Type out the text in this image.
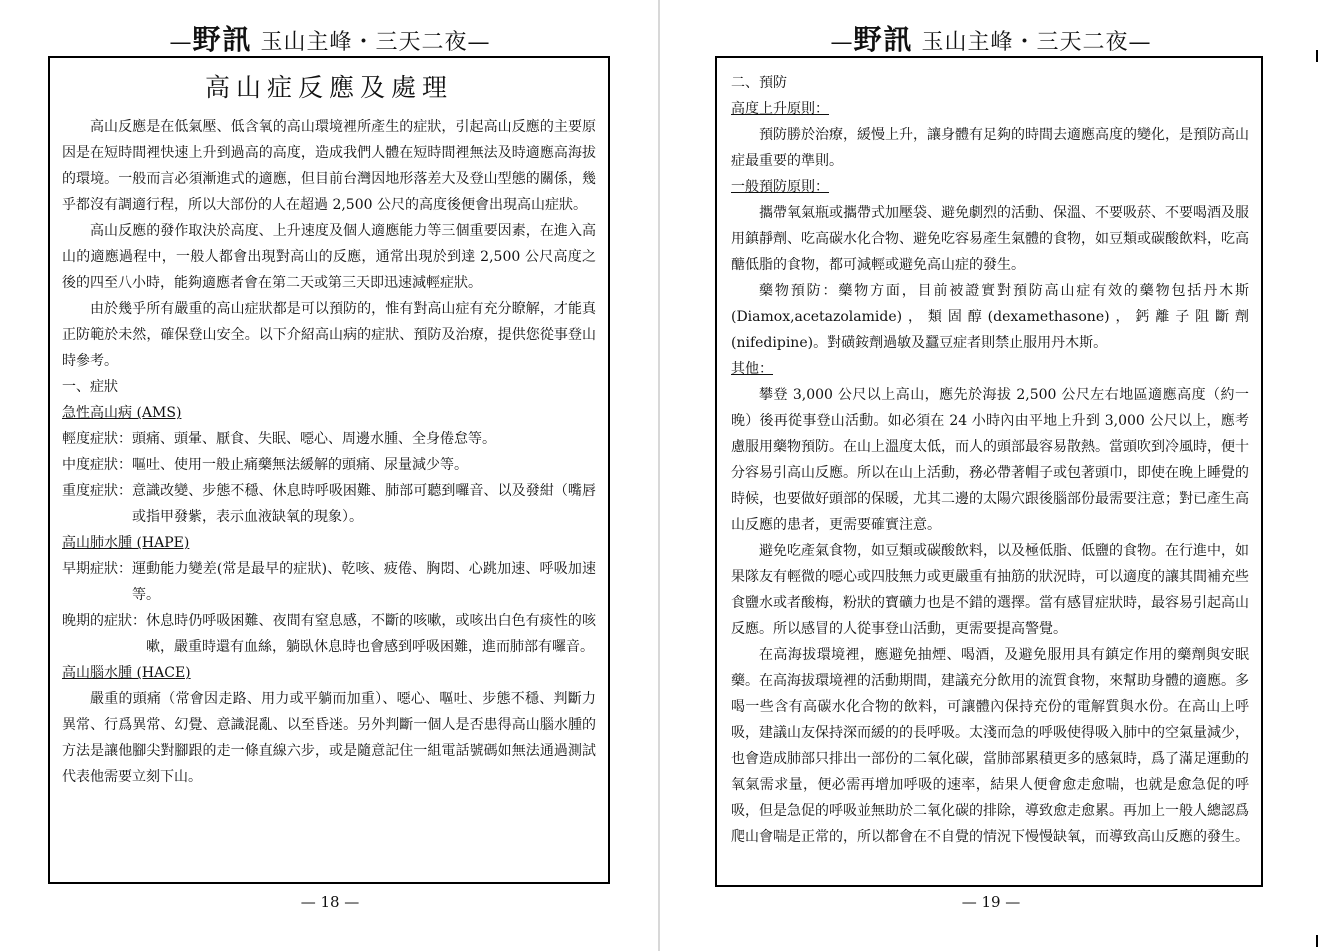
—野訊 玉山主峰・三天二夜—
高山症反應及處理

高山反應是在低氣壓、低含氧的高山環境裡所產生的症狀，引起高山反應的主要原因是在短時間裡快速上升到過高的高度，造成我們人體在短時間裡無法及時適應高海拔的環境。一般而言必須漸進式的適應，但目前台灣因地形落差大及登山型態的關係，幾乎都沒有調適行程，所以大部份的人在超過 2,500 公尺的高度後便會出現高山症狀。

高山反應的發作取決於高度、上升速度及個人適應能力等三個重要因素，在進入高山的適應過程中，一般人都會出現對高山的反應，通常出現於到達 2,500 公尺高度之後的四至八小時，能夠適應者會在第二天或第三天即迅速減輕症狀。

由於幾乎所有嚴重的高山症狀都是可以預防的，惟有對高山症有充分瞭解，才能真正防範於未然，確保登山安全。以下介紹高山病的症狀、預防及治療，提供您從事登山時參考。

一、症狀

急性高山病 (AMS)

輕度症狀： 頭痛、頭暈、厭食、失眠、噁心、周邊水腫、全身倦怠等。
中度症狀： 嘔吐、使用一般止痛藥無法緩解的頭痛、尿量減少等。
重度症狀： 意識改變、步態不穩、休息時呼吸困難、肺部可聽到囉音、以及發紺（嘴唇或指甲發紫，表示血液缺氧的現象）。

高山肺水腫 (HAPE)

早期症狀： 運動能力變差(常是最早的症狀)、乾咳、疲倦、胸悶、心跳加速、呼吸加速等。
晚期的症狀： 休息時仍呼吸困難、夜間有窒息感，不斷的咳嗽，或咳出白色有痰性的咳嗽，嚴重時還有血絲，躺臥休息時也會感到呼吸困難，進而肺部有囉音。

高山腦水腫 (HACE)

嚴重的頭痛（常會因走路、用力或平躺而加重）、噁心、嘔吐、步態不穩、判斷力異常、行爲異常、幻覺、意識混亂、以至昏迷。另外判斷一個人是否患得高山腦水腫的方法是讓他腳尖對腳跟的走一條直線六步，或是隨意記住一組電話號碼如無法通過測試代表他需要立刻下山。

— 18 —
—野訊 玉山主峰・三天二夜—

二、預防

高度上升原則：

預防勝於治療，緩慢上升，讓身體有足夠的時間去適應高度的變化，是預防高山症最重要的準則。

一般預防原則：

攜帶氧氣瓶或攜帶式加壓袋、避免劇烈的活動、保溫、不要吸菸、不要喝酒及服用鎮靜劑、吃高碳水化合物、避免吃容易產生氣體的食物，如豆類或碳酸飲料，吃高醣低脂的食物，都可減輕或避免高山症的發生。

藥物預防：藥物方面，目前被證實對預防高山症有效的藥物包括丹木斯(Diamox,acetazolamide)，類固醇(dexamethasone)，鈣離子阻斷劑(nifedipine)。對磺銨劑過敏及蠶豆症者則禁止服用丹木斯。

其他：

攀登 3,000 公尺以上高山，應先於海拔 2,500 公尺左右地區適應高度（約一晚）後再從事登山活動。如必須在 24 小時內由平地上升到 3,000 公尺以上，應考慮服用藥物預防。在山上溫度太低，而人的頭部最容易散熱。當頭吹到冷風時，便十分容易引高山反應。所以在山上活動，務必帶著帽子或包著頭巾，即使在晚上睡覺的時候，也要做好頭部的保暖，尤其二邊的太陽穴跟後腦部份最需要注意；對已產生高山反應的患者，更需要確實注意。

避免吃產氣食物，如豆類或碳酸飲料，以及極低脂、低鹽的食物。在行進中，如果隊友有輕微的噁心或四肢無力或更嚴重有抽筋的狀況時，可以適度的讓其間補充些食鹽水或者酸梅，粉狀的寶礦力也是不錯的選擇。當有感冒症狀時，最容易引起高山反應。所以感冒的人從事登山活動，更需要提高警覺。

在高海拔環境裡，應避免抽煙、喝酒，及避免服用具有鎮定作用的藥劑與安眠藥。在高海拔環境裡的活動期間，建議充分飲用的流質食物，來幫助身體的適應。多喝一些含有高碳水化合物的飲料，可讓體內保持充份的電解質與水份。在高山上呼吸，建議山友保持深而緩的的長呼吸。太淺而急的呼吸使得吸入肺中的空氣量減少，也會造成肺部只排出一部份的二氧化碳，當肺部累積更多的感氣時，爲了滿足運動的氧氣需求量，便必需再增加呼吸的速率，結果人便會愈走愈喘，也就是愈急促的呼吸，但是急促的呼吸並無助於二氧化碳的排除，導致愈走愈累。再加上一般人總認爲爬山會喘是正常的，所以都會在不自覺的情況下慢慢缺氧，而導致高山反應的發生。

— 19 —
